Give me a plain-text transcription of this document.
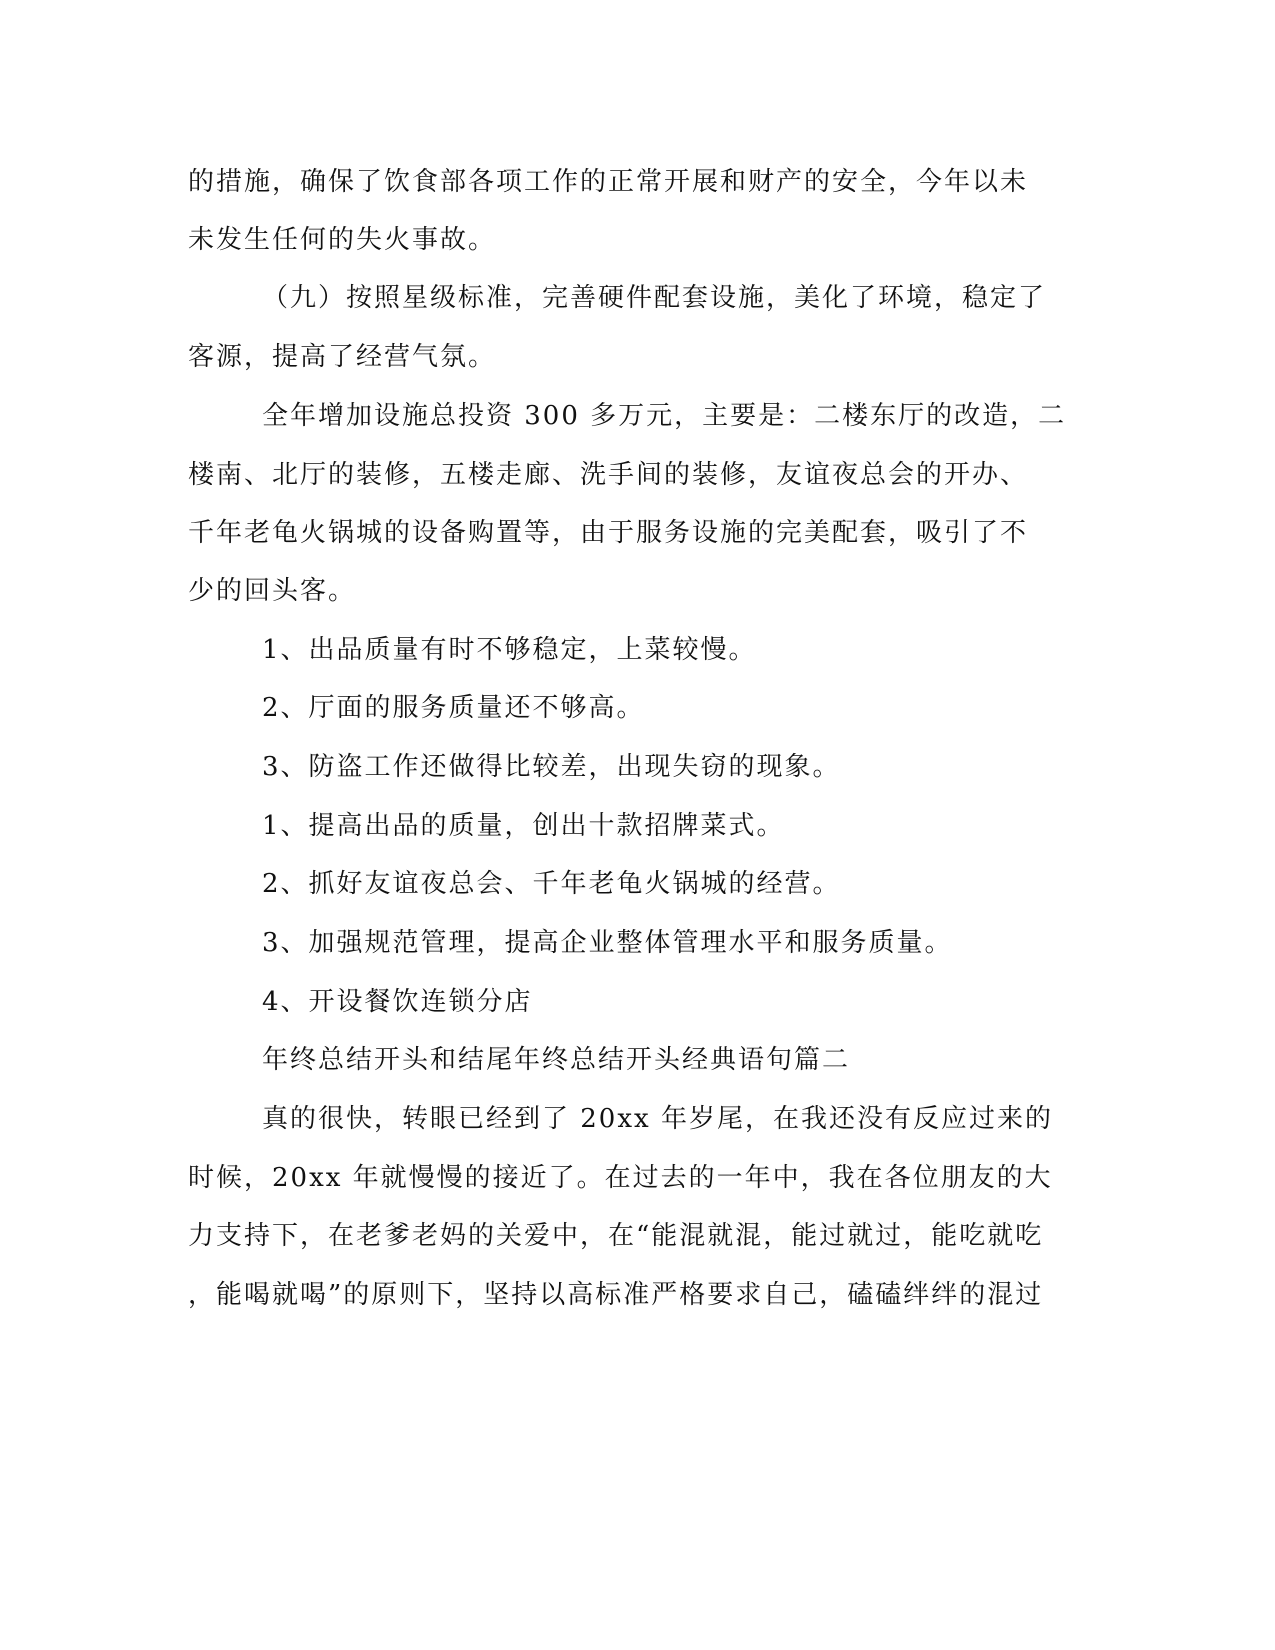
的措施，确保了饮食部各项工作的正常开展和财产的安全，今年以未
未发生任何的失火事故。
（九）按照星级标准，完善硬件配套设施，美化了环境，稳定了
客源，提高了经营气氛。
全年增加设施总投资 300 多万元，主要是：二楼东厅的改造，二
楼南、北厅的装修，五楼走廊、洗手间的装修，友谊夜总会的开办、
千年老龟火锅城的设备购置等，由于服务设施的完美配套，吸引了不
少的回头客。
1、出品质量有时不够稳定，上菜较慢。
2、厅面的服务质量还不够高。
3、防盗工作还做得比较差，出现失窃的现象。
1、提高出品的质量，创出十款招牌菜式。
2、抓好友谊夜总会、千年老龟火锅城的经营。
3、加强规范管理，提高企业整体管理水平和服务质量。
4、开设餐饮连锁分店
年终总结开头和结尾年终总结开头经典语句篇二
真的很快，转眼已经到了 20xx 年岁尾，在我还没有反应过来的
时候，20xx 年就慢慢的接近了。在过去的一年中，我在各位朋友的大
力支持下，在老爹老妈的关爱中，在“能混就混，能过就过，能吃就吃
，能喝就喝”的原则下，坚持以高标准严格要求自己，磕磕绊绊的混过
